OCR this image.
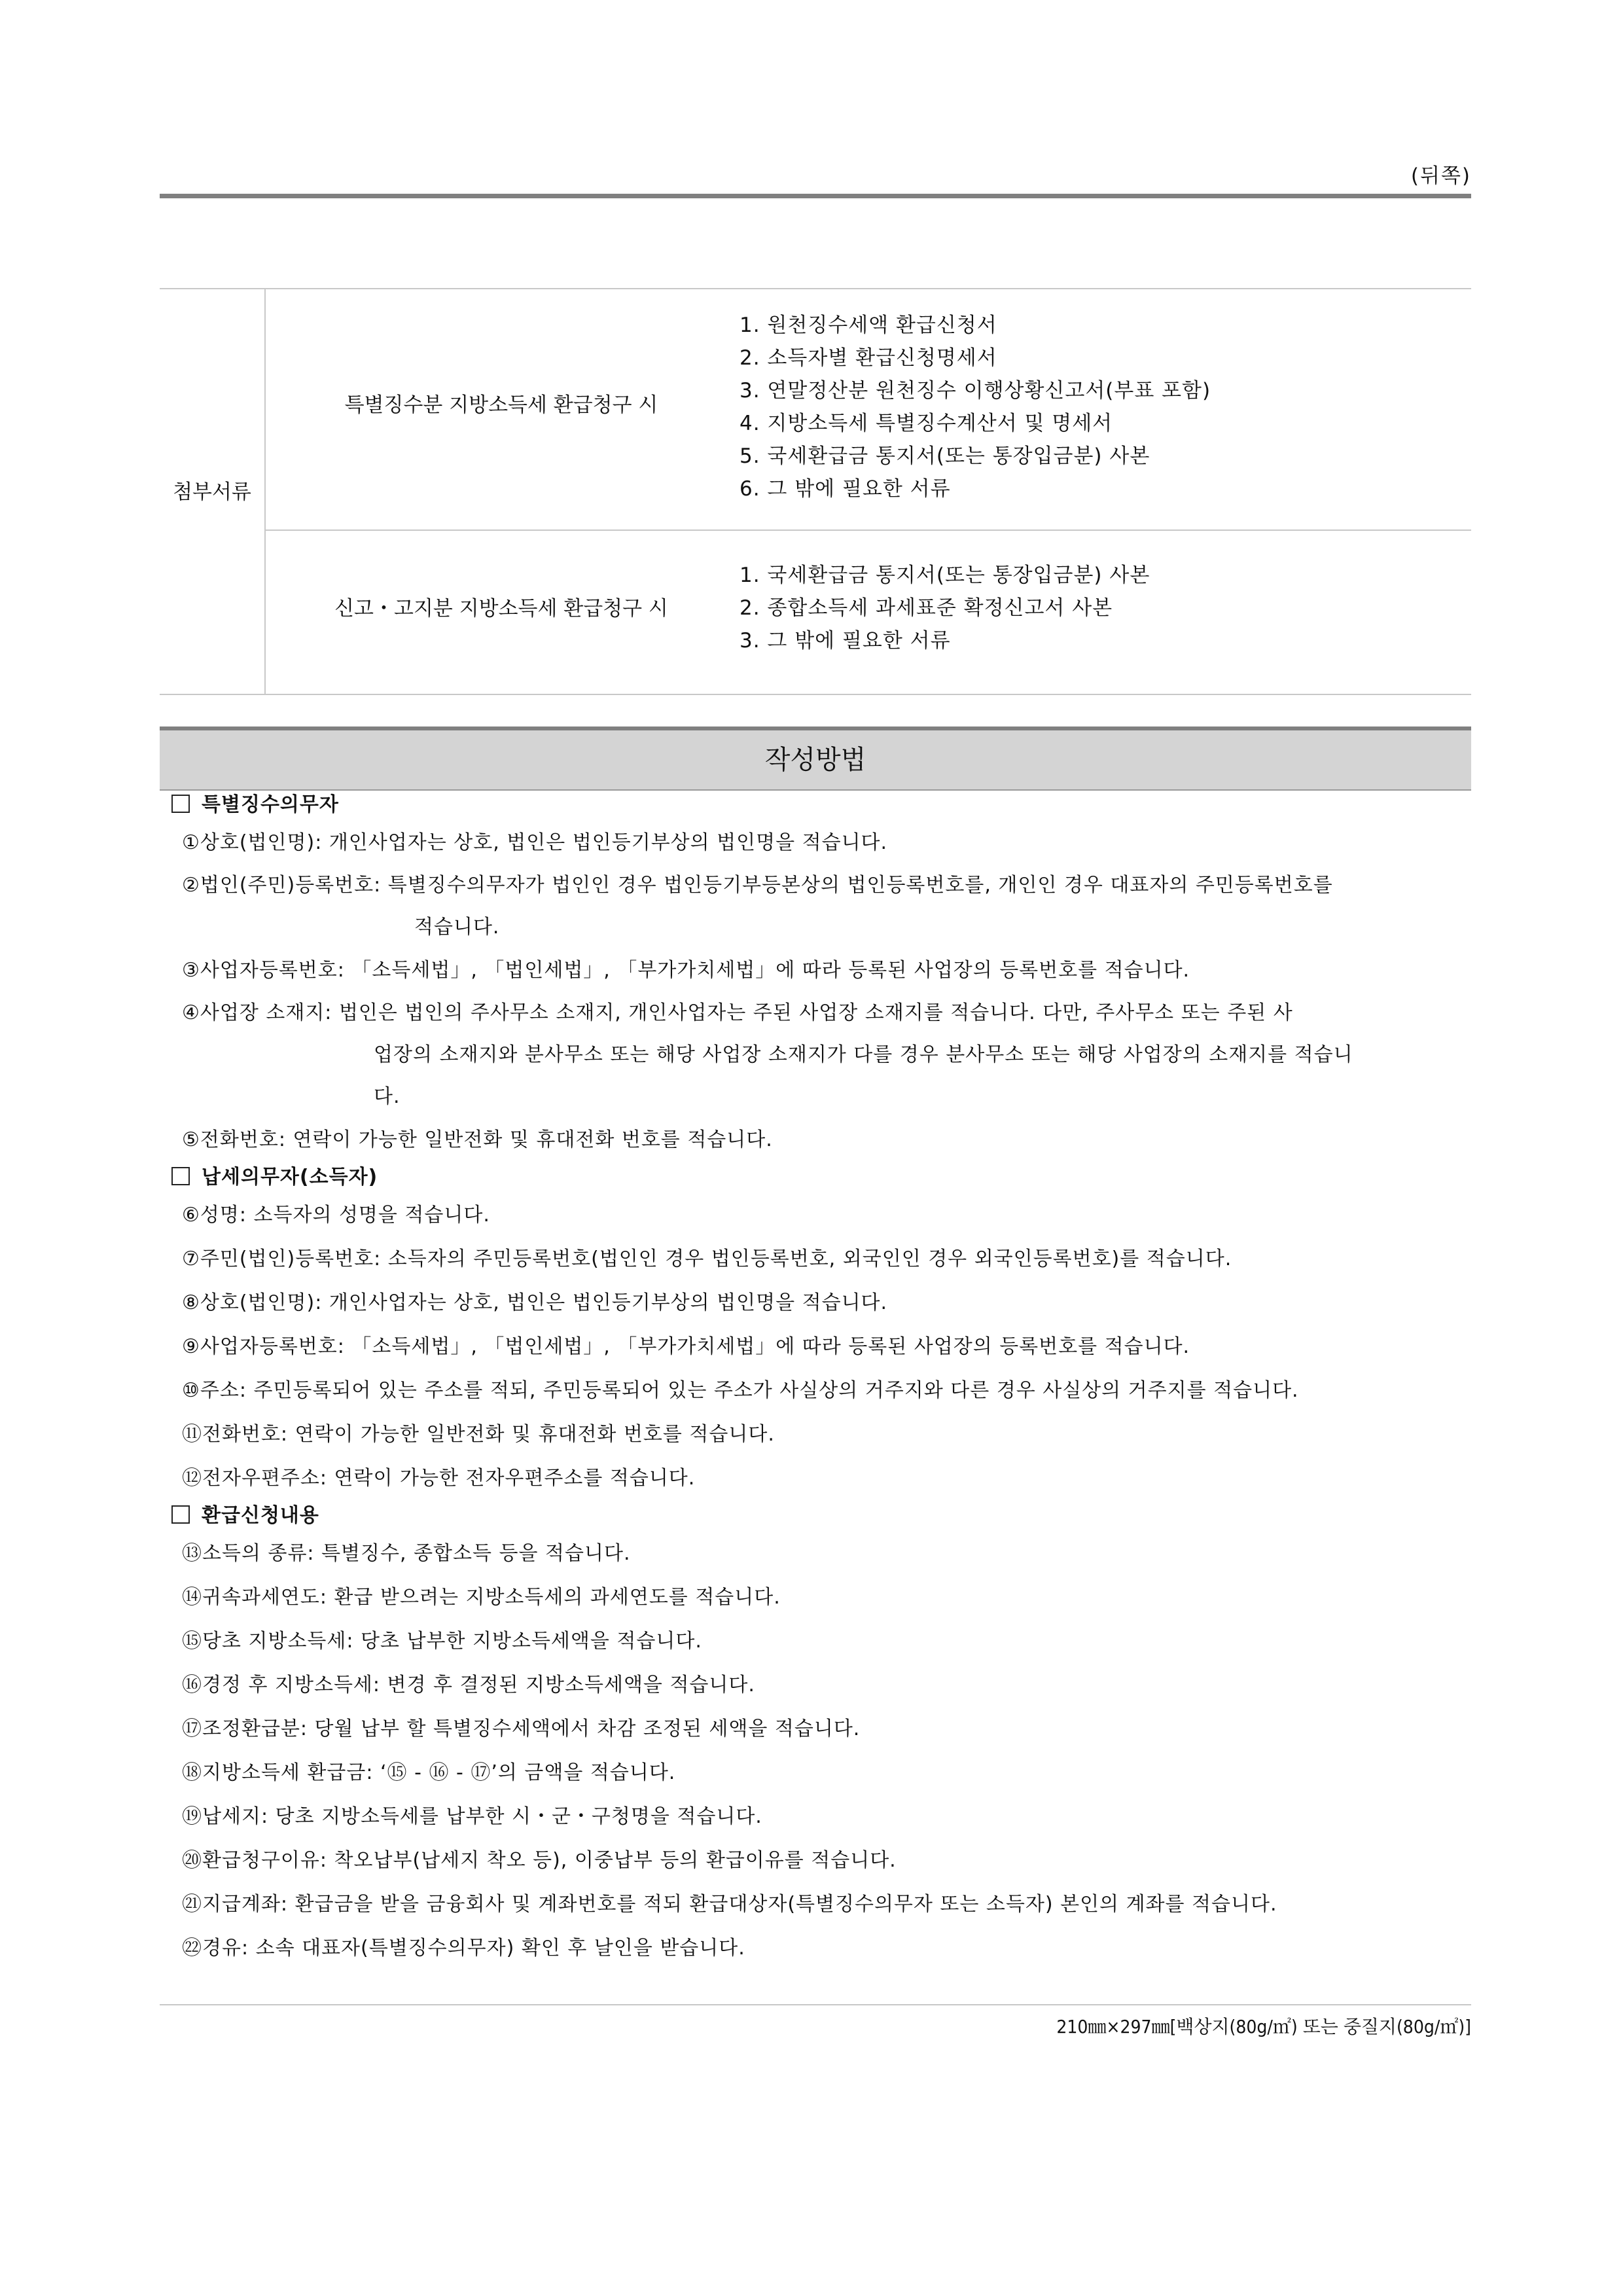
(뒤쪽)
첨부서류
특별징수분 지방소득세 환급청구 시
1. 원천징수세액 환급신청서
2. 소득자별 환급신청명세서
3. 연말정산분 원천징수 이행상황신고서(부표 포함)
4. 지방소득세 특별징수계산서 및 명세서
5. 국세환급금 통지서(또는 통장입금분) 사본
6. 그 밖에 필요한 서류
신고・고지분 지방소득세 환급청구 시
1. 국세환급금 통지서(또는 통장입금분) 사본
2. 종합소득세 과세표준 확정신고서 사본
3. 그 밖에 필요한 서류
작성방법
특별징수의무자
①상호(법인명): 개인사업자는 상호, 법인은 법인등기부상의 법인명을 적습니다.
②법인(주민)등록번호: 특별징수의무자가 법인인 경우 법인등기부등본상의 법인등록번호를, 개인인 경우 대표자의 주민등록번호를
적습니다.
③사업자등록번호: 「소득세법」, 「법인세법」, 「부가가치세법」에 따라 등록된 사업장의 등록번호를 적습니다.
④사업장 소재지: 법인은 법인의 주사무소 소재지, 개인사업자는 주된 사업장 소재지를 적습니다. 다만, 주사무소 또는 주된 사
업장의 소재지와 분사무소 또는 해당 사업장 소재지가 다를 경우 분사무소 또는 해당 사업장의 소재지를 적습니
다.
⑤전화번호: 연락이 가능한 일반전화 및 휴대전화 번호를 적습니다.
납세의무자(소득자)
⑥성명: 소득자의 성명을 적습니다.
⑦주민(법인)등록번호: 소득자의 주민등록번호(법인인 경우 법인등록번호, 외국인인 경우 외국인등록번호)를 적습니다.
⑧상호(법인명): 개인사업자는 상호, 법인은 법인등기부상의 법인명을 적습니다.
⑨사업자등록번호: 「소득세법」, 「법인세법」, 「부가가치세법」에 따라 등록된 사업장의 등록번호를 적습니다.
⑩주소: 주민등록되어 있는 주소를 적되, 주민등록되어 있는 주소가 사실상의 거주지와 다른 경우 사실상의 거주지를 적습니다.
⑪전화번호: 연락이 가능한 일반전화 및 휴대전화 번호를 적습니다.
⑫전자우편주소: 연락이 가능한 전자우편주소를 적습니다.
환급신청내용
⑬소득의 종류: 특별징수, 종합소득 등을 적습니다.
⑭귀속과세연도: 환급 받으려는 지방소득세의 과세연도를 적습니다.
⑮당초 지방소득세: 당초 납부한 지방소득세액을 적습니다.
⑯경정 후 지방소득세: 변경 후 결정된 지방소득세액을 적습니다.
⑰조정환급분: 당월 납부 할 특별징수세액에서 차감 조정된 세액을 적습니다.
⑱지방소득세 환급금: ‘⑮ - ⑯ - ⑰’의 금액을 적습니다.
⑲납세지: 당초 지방소득세를 납부한 시・군・구청명을 적습니다.
⑳환급청구이유: 착오납부(납세지 착오 등), 이중납부 등의 환급이유를 적습니다.
㉑지급계좌: 환급금을 받을 금융회사 및 계좌번호를 적되 환급대상자(특별징수의무자 또는 소득자) 본인의 계좌를 적습니다.
㉒경유: 소속 대표자(특별징수의무자) 확인 후 날인을 받습니다.
210㎜×297㎜[백상지(80g/㎡) 또는 중질지(80g/㎡)]
